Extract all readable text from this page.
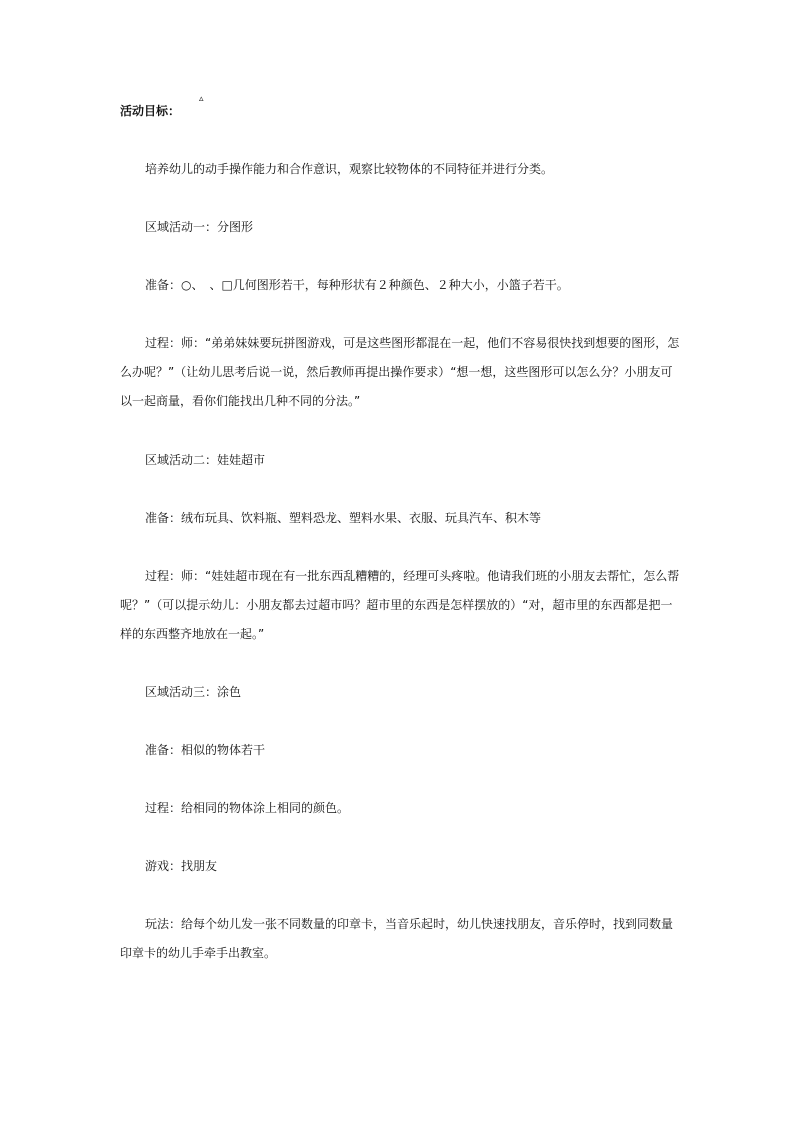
活动目标：
▵

培养幼儿的动手操作能力和合作意识，观察比较物体的不同特征并进行分类。

区域活动一：分图形

准备：○、　、□几何图形若干，每种形状有２种颜色、２种大小，小篮子若干。

过程：师：“弟弟妹妹要玩拼图游戏，可是这些图形都混在一起，他们不容易很快找到想要的图形，怎么办呢？”（让幼儿思考后说一说，然后教师再提出操作要求）“想一想，这些图形可以怎么分？小朋友可以一起商量，看你们能找出几种不同的分法。”

区域活动二：娃娃超市

准备：绒布玩具、饮料瓶、塑料恐龙、塑料水果、衣服、玩具汽车、积木等

过程：师：“娃娃超市现在有一批东西乱糟糟的，经理可头疼啦。他请我们班的小朋友去帮忙，怎么帮呢？”（可以提示幼儿：小朋友都去过超市吗？超市里的东西是怎样摆放的）“对，超市里的东西都是把一样的东西整齐地放在一起。”

区域活动三：涂色

准备：相似的物体若干

过程：给相同的物体涂上相同的颜色。

游戏：找朋友

玩法：给每个幼儿发一张不同数量的印章卡，当音乐起时，幼儿快速找朋友，音乐停时，找到同数量印章卡的幼儿手牵手出教室。
